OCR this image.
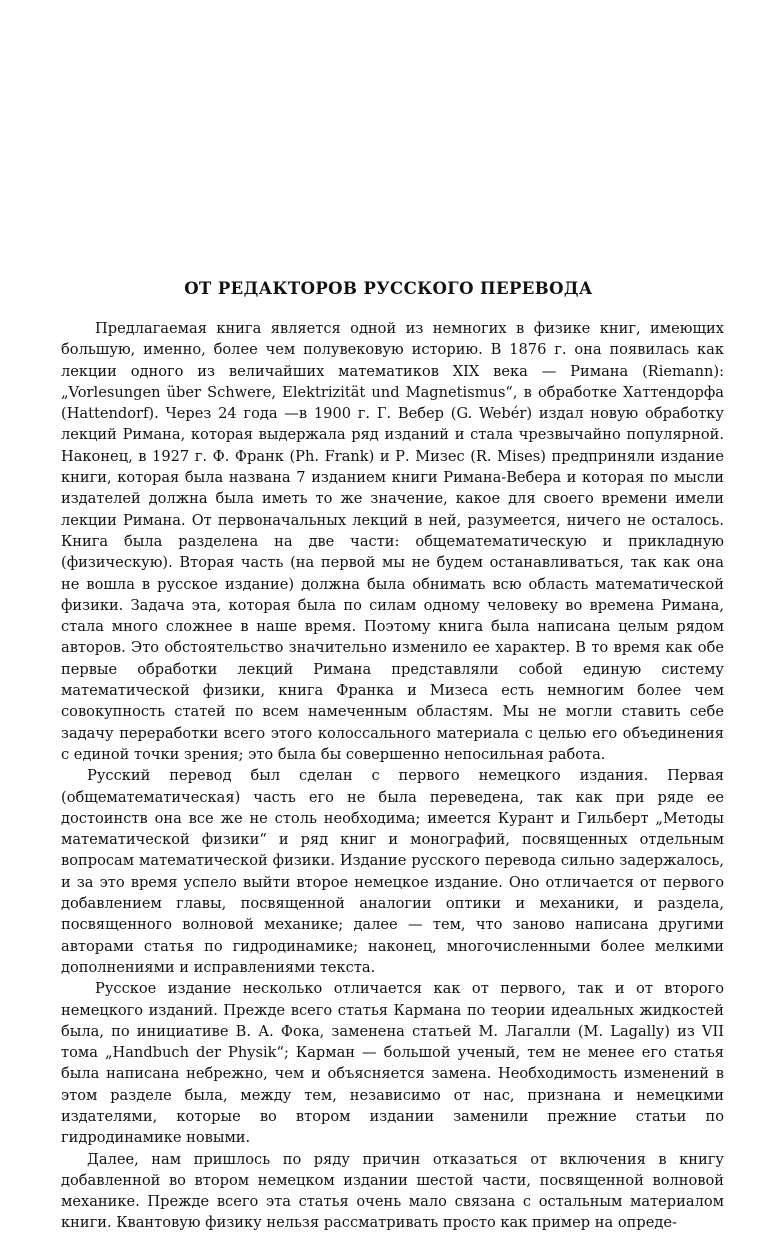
ОТ РЕДАКТОРОВ РУССКОГО ПЕРЕВОДА

Предлагаемая книга является одной из немногих в физике книг, имеющих большую, именно, более чем полувековую историю. В 1876 г. она появилась как лекции одного из величайших математиков XIX века — Римана (Riemann): „Vorlesungen über Schwere, Elektrizität und Magnetismus“, в обработке Хаттендорфа (Hattendorf). Через 24 года —в 1900 г. Г. Вебер (G. Webér) издал новую обработку лекций Римана, которая выдержала ряд изданий и стала чрезвычайно популярной. Наконец, в 1927 г. Ф. Франк (Ph. Frank) и Р. Мизес (R. Mises) предприняли издание книги, которая была названа 7 изданием книги Римана-Вебера и которая по мысли издателей должна была иметь то же значение, какое для своего времени имели лекции Римана. От первоначальных лекций в ней, разумеется, ничего не осталось. Книга была разделена на две части: общематематическую и прикладную (физическую). Вторая часть (на первой мы не будем останавливаться, так как она не вошла в русское издание) должна была обнимать всю область математической физики. Задача эта, которая была по силам одному человеку во времена Римана, стала много сложнее в наше время. Поэтому книга была написана целым рядом авторов. Это обстоятельство значительно изменило ее характер. В то время как обе первые обработки лекций Римана представляли собой единую систему математической физики, книга Франка и Мизеса есть немногим более чем совокупность статей по всем намеченным областям. Мы не могли ставить себе задачу переработки всего этого колоссального материала с целью его объединения с единой точки зрения; это была бы совершенно непосильная работа.

Русский перевод был сделан с первого немецкого издания. Первая (общематематическая) часть его не была переведена, так как при ряде ее достоинств она все же не столь необходима; имеется Курант и Гильберт „Методы математической физики“ и ряд книг и монографий, посвященных отдельным вопросам математической физики. Издание русского перевода сильно задержалось, и за это время успело выйти второе немецкое издание. Оно отличается от первого добавлением главы, посвященной аналогии оптики и механики, и раздела, посвященного волновой механике; далее — тем, что заново написана другими авторами статья по гидродинамике; наконец, многочисленными более мелкими дополнениями и исправлениями текста.

Русское издание несколько отличается как от первого, так и от второго немецкого изданий. Прежде всего статья Кармана по теории идеальных жидкостей была, по инициативе В. А. Фока, заменена статьей М. Лагалли (M. Lagally) из VII тома „Handbuch der Physik“; Карман — большой ученый, тем не менее его статья была написана небрежно, чем и объясняется замена. Необходимость изменений в этом разделе была, между тем, независимо от нас, признана и немецкими издателями, которые во втором издании заменили прежние статьи по гидродинамике новыми.

Далее, нам пришлось по ряду причин отказаться от включения в книгу добавленной во втором немецком издании шестой части, посвященной волновой механике. Прежде всего эта статья очень мало связана с остальным материалом книги. Квантовую физику нельзя рассматривать просто как пример на опреде-
